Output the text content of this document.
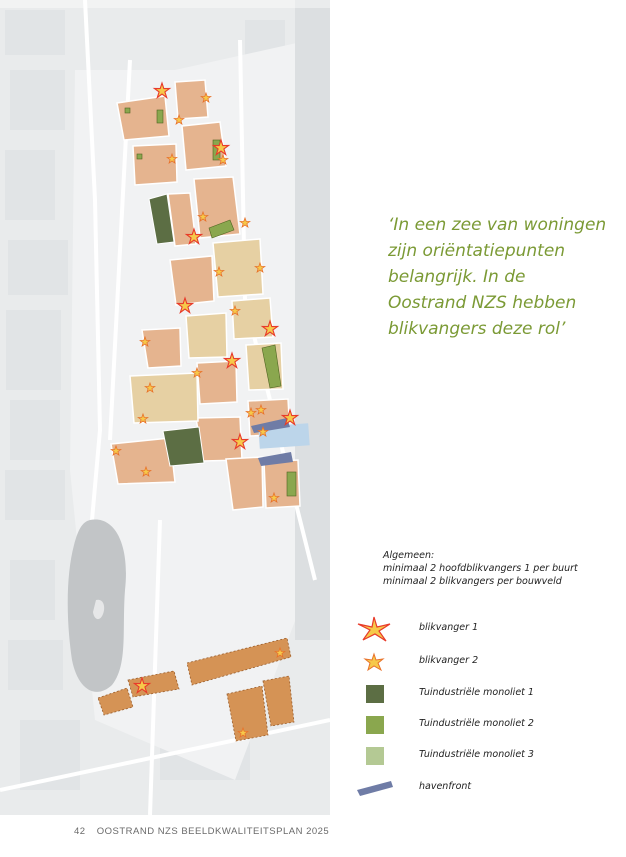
‘In een zee van woningen
zijn oriëntatiepunten
belangrijk. In de
Oostrand NZS hebben
blikvangers deze rol’
Algemeen:
minimaal 2 hoofdblikvangers 1 per buurt
minimaal 2 blikvangers per bouwveld
blikvanger 1
blikvanger 2
Tuindustriële monoliet 1
Tuindustriële monoliet 2
Tuindustriële monoliet 3
havenfront
42 OOSTRAND NZS BEELDKWALITEITSPLAN 2025
